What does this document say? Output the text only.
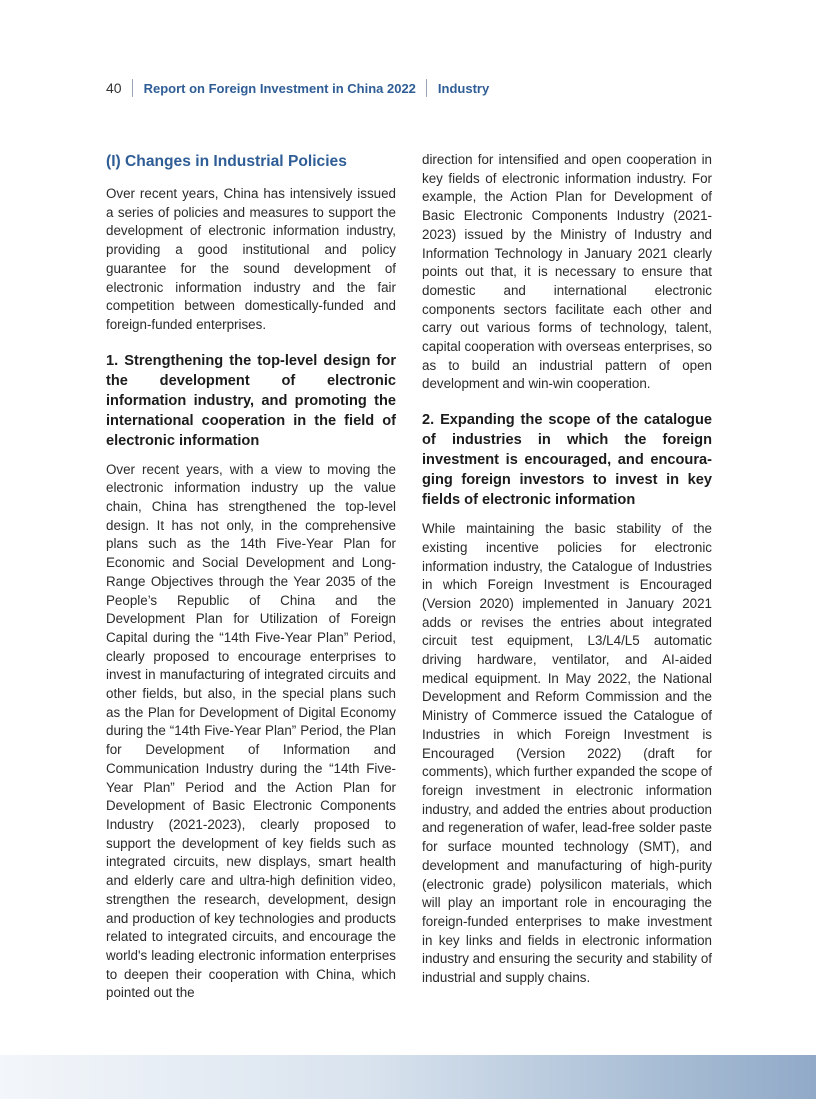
40 Report on Foreign Investment in China 2022 Industry
(I) Changes in Industrial Policies

Over recent years, China has intensively issued a series of policies and measures to support the development of electronic information industry, providing a good institutional and policy guarantee for the sound development of electronic information industry and the fair competition between domestically-funded and foreign-funded enterprises.

1. Strengthening the top-level design for the development of electronic information industry, and promoting the international cooperation in the field of electronic information

Over recent years, with a view to moving the electronic information industry up the value chain, China has strengthened the top-level design. It has not only, in the comprehensive plans such as the 14th Five-Year Plan for Economic and Social Development and Long-Range Objectives through the Year 2035 of the People’s Republic of China and the Development Plan for Utilization of Foreign Capital during the “14th Five-Year Plan” Period, clearly proposed to encourage enterprises to invest in manufacturing of integrated circuits and other fields, but also, in the special plans such as the Plan for Development of Digital Economy during the “14th Five-Year Plan” Period, the Plan for Development of Information and Communication Industry during the “14th Five-Year Plan” Period and the Action Plan for Development of Basic Electronic Components Industry (2021-2023), clearly proposed to support the development of key fields such as integrated circuits, new displays, smart health and elderly care and ultra-high definition video, strengthen the research, development, design and production of key technologies and products related to integrated circuits, and encourage the world's leading electronic information enterprises to deepen their cooperation with China, which pointed out the

direction for intensified and open cooperation in key fields of electronic information industry. For example, the Action Plan for Development of Basic Electronic Components Industry (2021-2023) issued by the Ministry of Industry and Information Technology in January 2021 clearly points out that, it is necessary to ensure that domestic and international electronic components sectors facilitate each other and carry out various forms of technology, talent, capital cooperation with overseas enterprises, so as to build an industrial pattern of open development and win-win cooperation.

2. Expanding the scope of the catalogue of industries in which the foreign investment is encouraged, and encouraging foreign investors to invest in key fields of electronic information

While maintaining the basic stability of the existing incentive policies for electronic information industry, the Catalogue of Industries in which Foreign Investment is Encouraged (Version 2020) implemented in January 2021 adds or revises the entries about integrated circuit test equipment, L3/L4/L5 automatic driving hardware, ventilator, and AI-aided medical equipment. In May 2022, the National Development and Reform Commission and the Ministry of Commerce issued the Catalogue of Industries in which Foreign Investment is Encouraged (Version 2022) (draft for comments), which further expanded the scope of foreign investment in electronic information industry, and added the entries about production and regeneration of wafer, lead-free solder paste for surface mounted technology (SMT), and development and manufacturing of high-purity (electronic grade) polysilicon materials, which will play an important role in encouraging the foreign-funded enterprises to make investment in key links and fields in electronic information industry and ensuring the security and stability of industrial and supply chains.
